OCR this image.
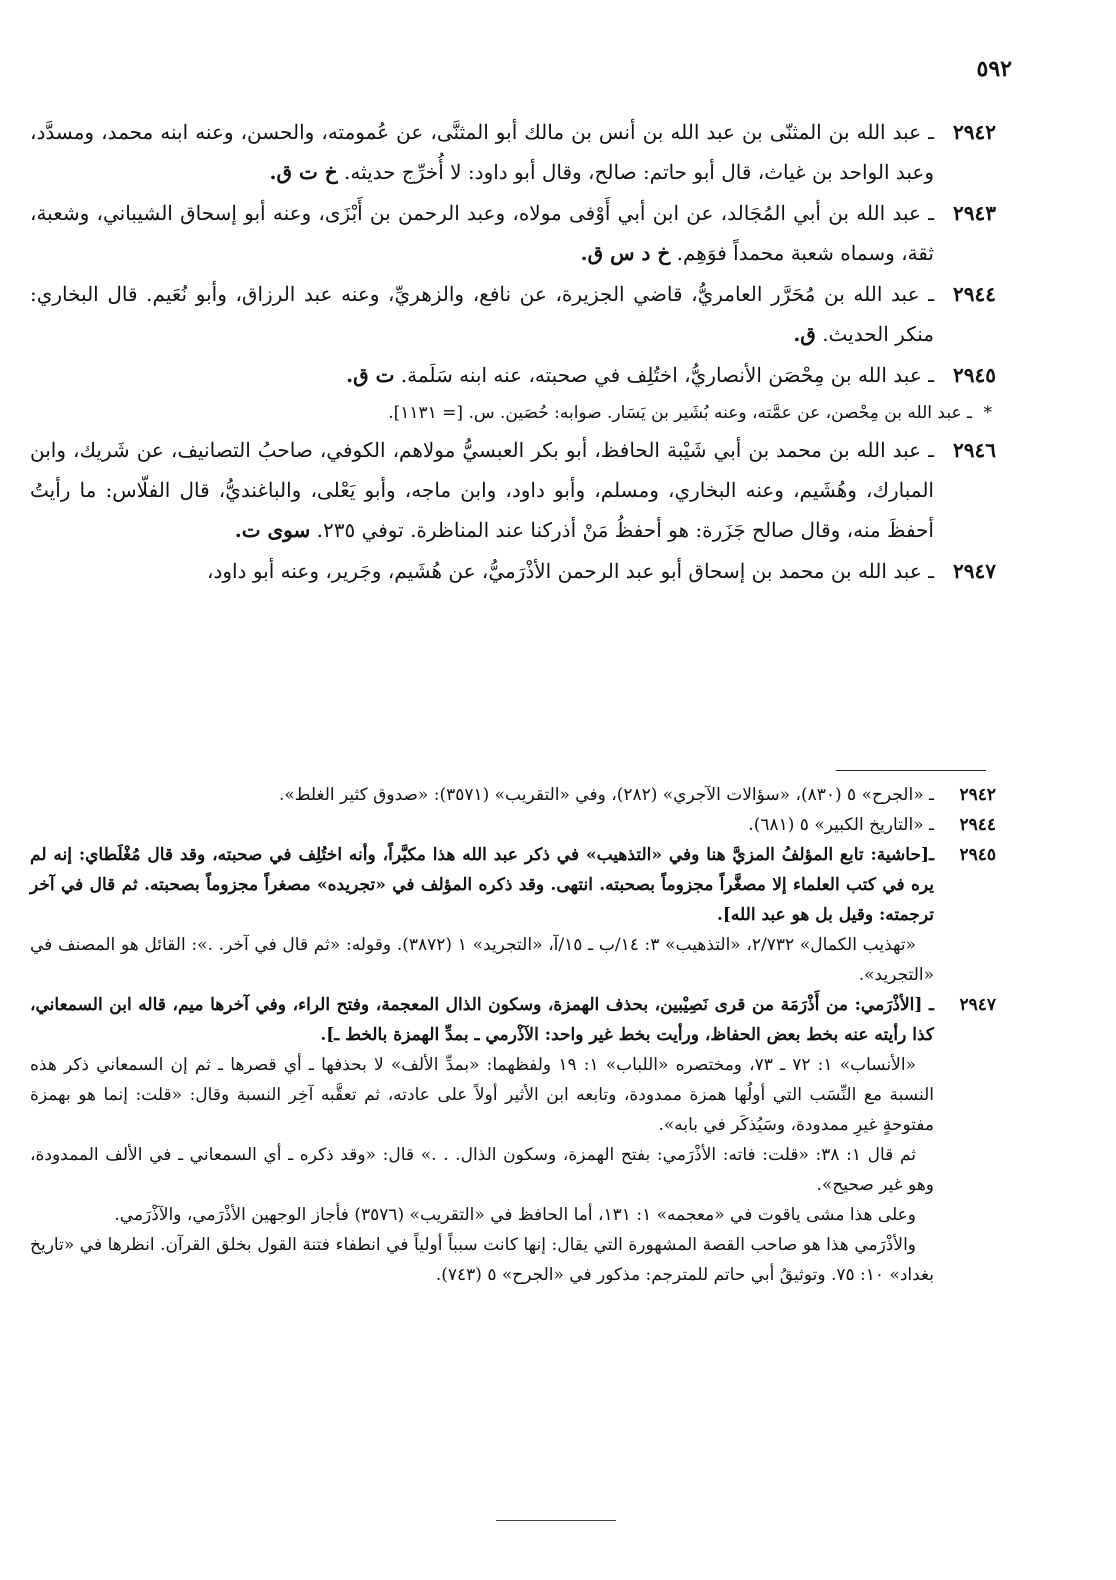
٥٩٢
٢٩٤٢
ـ عبد الله بن المثنّى بن عبد الله بن أنس بن مالك أبو المثنَّى، عن عُمومته، والحسن، وعنه ابنه محمد، ومسدَّد، وعبد الواحد بن غياث، قال أبو حاتم: صالح، وقال أبو داود: لا أُخرِّج حديثه. خ ت ق.
٢٩٤٣
ـ عبد الله بن أبي المُجَالد، عن ابن أبي أَوْفى مولاه، وعبد الرحمن بن أَبْزَى، وعنه أبو إسحاق الشيباني، وشعبة، ثقة، وسماه شعبة محمداً فوَهِم. خ د س ق.
٢٩٤٤
ـ عبد الله بن مُحَرَّر العامريُّ، قاضي الجزيرة، عن نافع، والزهريِّ، وعنه عبد الرزاق، وأبو نُعَيم. قال البخاري: منكر الحديث. ق.
٢٩٤٥
ـ عبد الله بن مِحْصَن الأنصاريُّ، اختُلِف في صحبته، عنه ابنه سَلَمة. ت ق.
*
ـ عبد الله بن مِحْصن، عن عمَّته، وعنه بُشَير بن يَسَار. صوابه: حُصَين. س. [= ١١٣١].
٢٩٤٦
ـ عبد الله بن محمد بن أبي شَيْبة الحافظ، أبو بكر العبسيُّ مولاهم، الكوفي، صاحبُ التصانيف، عن شَريك، وابن المبارك، وهُشَيم، وعنه البخاري، ومسلم، وأبو داود، وابن ماجه، وأبو يَعْلى، والباغنديُّ، قال الفلّاس: ما رأيتُ أحفظَ منه، وقال صالح جَزَرة: هو أحفظُ مَنْ أذركنا عند المناظرة. توفي ٢٣٥. سوى ت.
٢٩٤٧
ـ عبد الله بن محمد بن إسحاق أبو عبد الرحمن الأذْرَميُّ، عن هُشَيم، وجَرير، وعنه أبو داود،
٢٩٤٢
ـ «الجرح» ٥ (٨٣٠)، «سؤالات الآجري» (٢٨٢)، وفي «التقريب» (٣٥٧١): «صدوق كثير الغلط».
٢٩٤٤
ـ «التاريخ الكبير» ٥ (٦٨١).
٢٩٤٥
ـ[حاشية: تابع المؤلفُ المزيَّ هنا وفي «التذهيب» في ذكر عبد الله هذا مكبَّراً، وأنه اختُلِف في صحبته، وقد قال مُغْلَطاي: إنه لم يره في كتب العلماء إلا مصغَّراً مجزوماً بصحبته. انتهى. وقد ذكره المؤلف في «تجريده» مصغراً مجزوماً بصحبته. ثم قال في آخر ترجمته: وقيل بل هو عبد الله].

«تهذيب الكمال» ٢/٧٣٢، «التذهيب» ٣: ١٤/ب ـ ١٥/آ، «التجريد» ١ (٣٨٧٢). وقوله: «ثم قال في آخر. .»: القائل هو المصنف في «التجريد».

٢٩٤٧
ـ [الأذْرَمي: من أَذْرَمَة من قرى نَصِيْبين، بحذف الهمزة، وسكون الذال المعجمة، وفتح الراء، وفي آخرها ميم، قاله ابن السمعاني، كذا رأيته عنه بخط بعض الحفاظ، ورأيت بخط غير واحد: الآذْرمي ـ بمدِّ الهمزة بالخط ـ].

«الأنساب» ١: ٧٢ ـ ٧٣، ومختصره «اللباب» ١: ١٩ ولفظهما: «بمدِّ الألف» لا بحذفها ـ أي قصرها ـ ثم إن السمعاني ذكر هذه النسبة مع النِّسَب التي أولُها همزة ممدودة، وتابعه ابن الأثير أولاً على عادته، ثم تعقَّبه آخِر النسبة وقال: «قلت: إنما هو بهمزة مفتوحةٍ غيرِ ممدودة، وسَيُذكَر في بابه».

ثم قال ١: ٣٨: «قلت: فاته: الأذْرَمي: بفتح الهمزة، وسكون الذال. . .» قال: «وقد ذكره ـ أي السمعاني ـ في الألف الممدودة، وهو غير صحيح».

وعلى هذا مشى ياقوت في «معجمه» ١: ١٣١، أما الحافظ في «التقريب» (٣٥٧٦) فأجاز الوجهين الأذْرَمي، والآذْرَمي.

والأذْرَمي هذا هو صاحب القصة المشهورة التي يقال: إنها كانت سبباً أولياً في انطفاء فتنة القول بخلق القرآن. انظرها في «تاريخ بغداد» ١٠: ٧٥. وتوثيقُ أبي حاتم للمترجم: مذكور في «الجرح» ٥ (٧٤٣).
